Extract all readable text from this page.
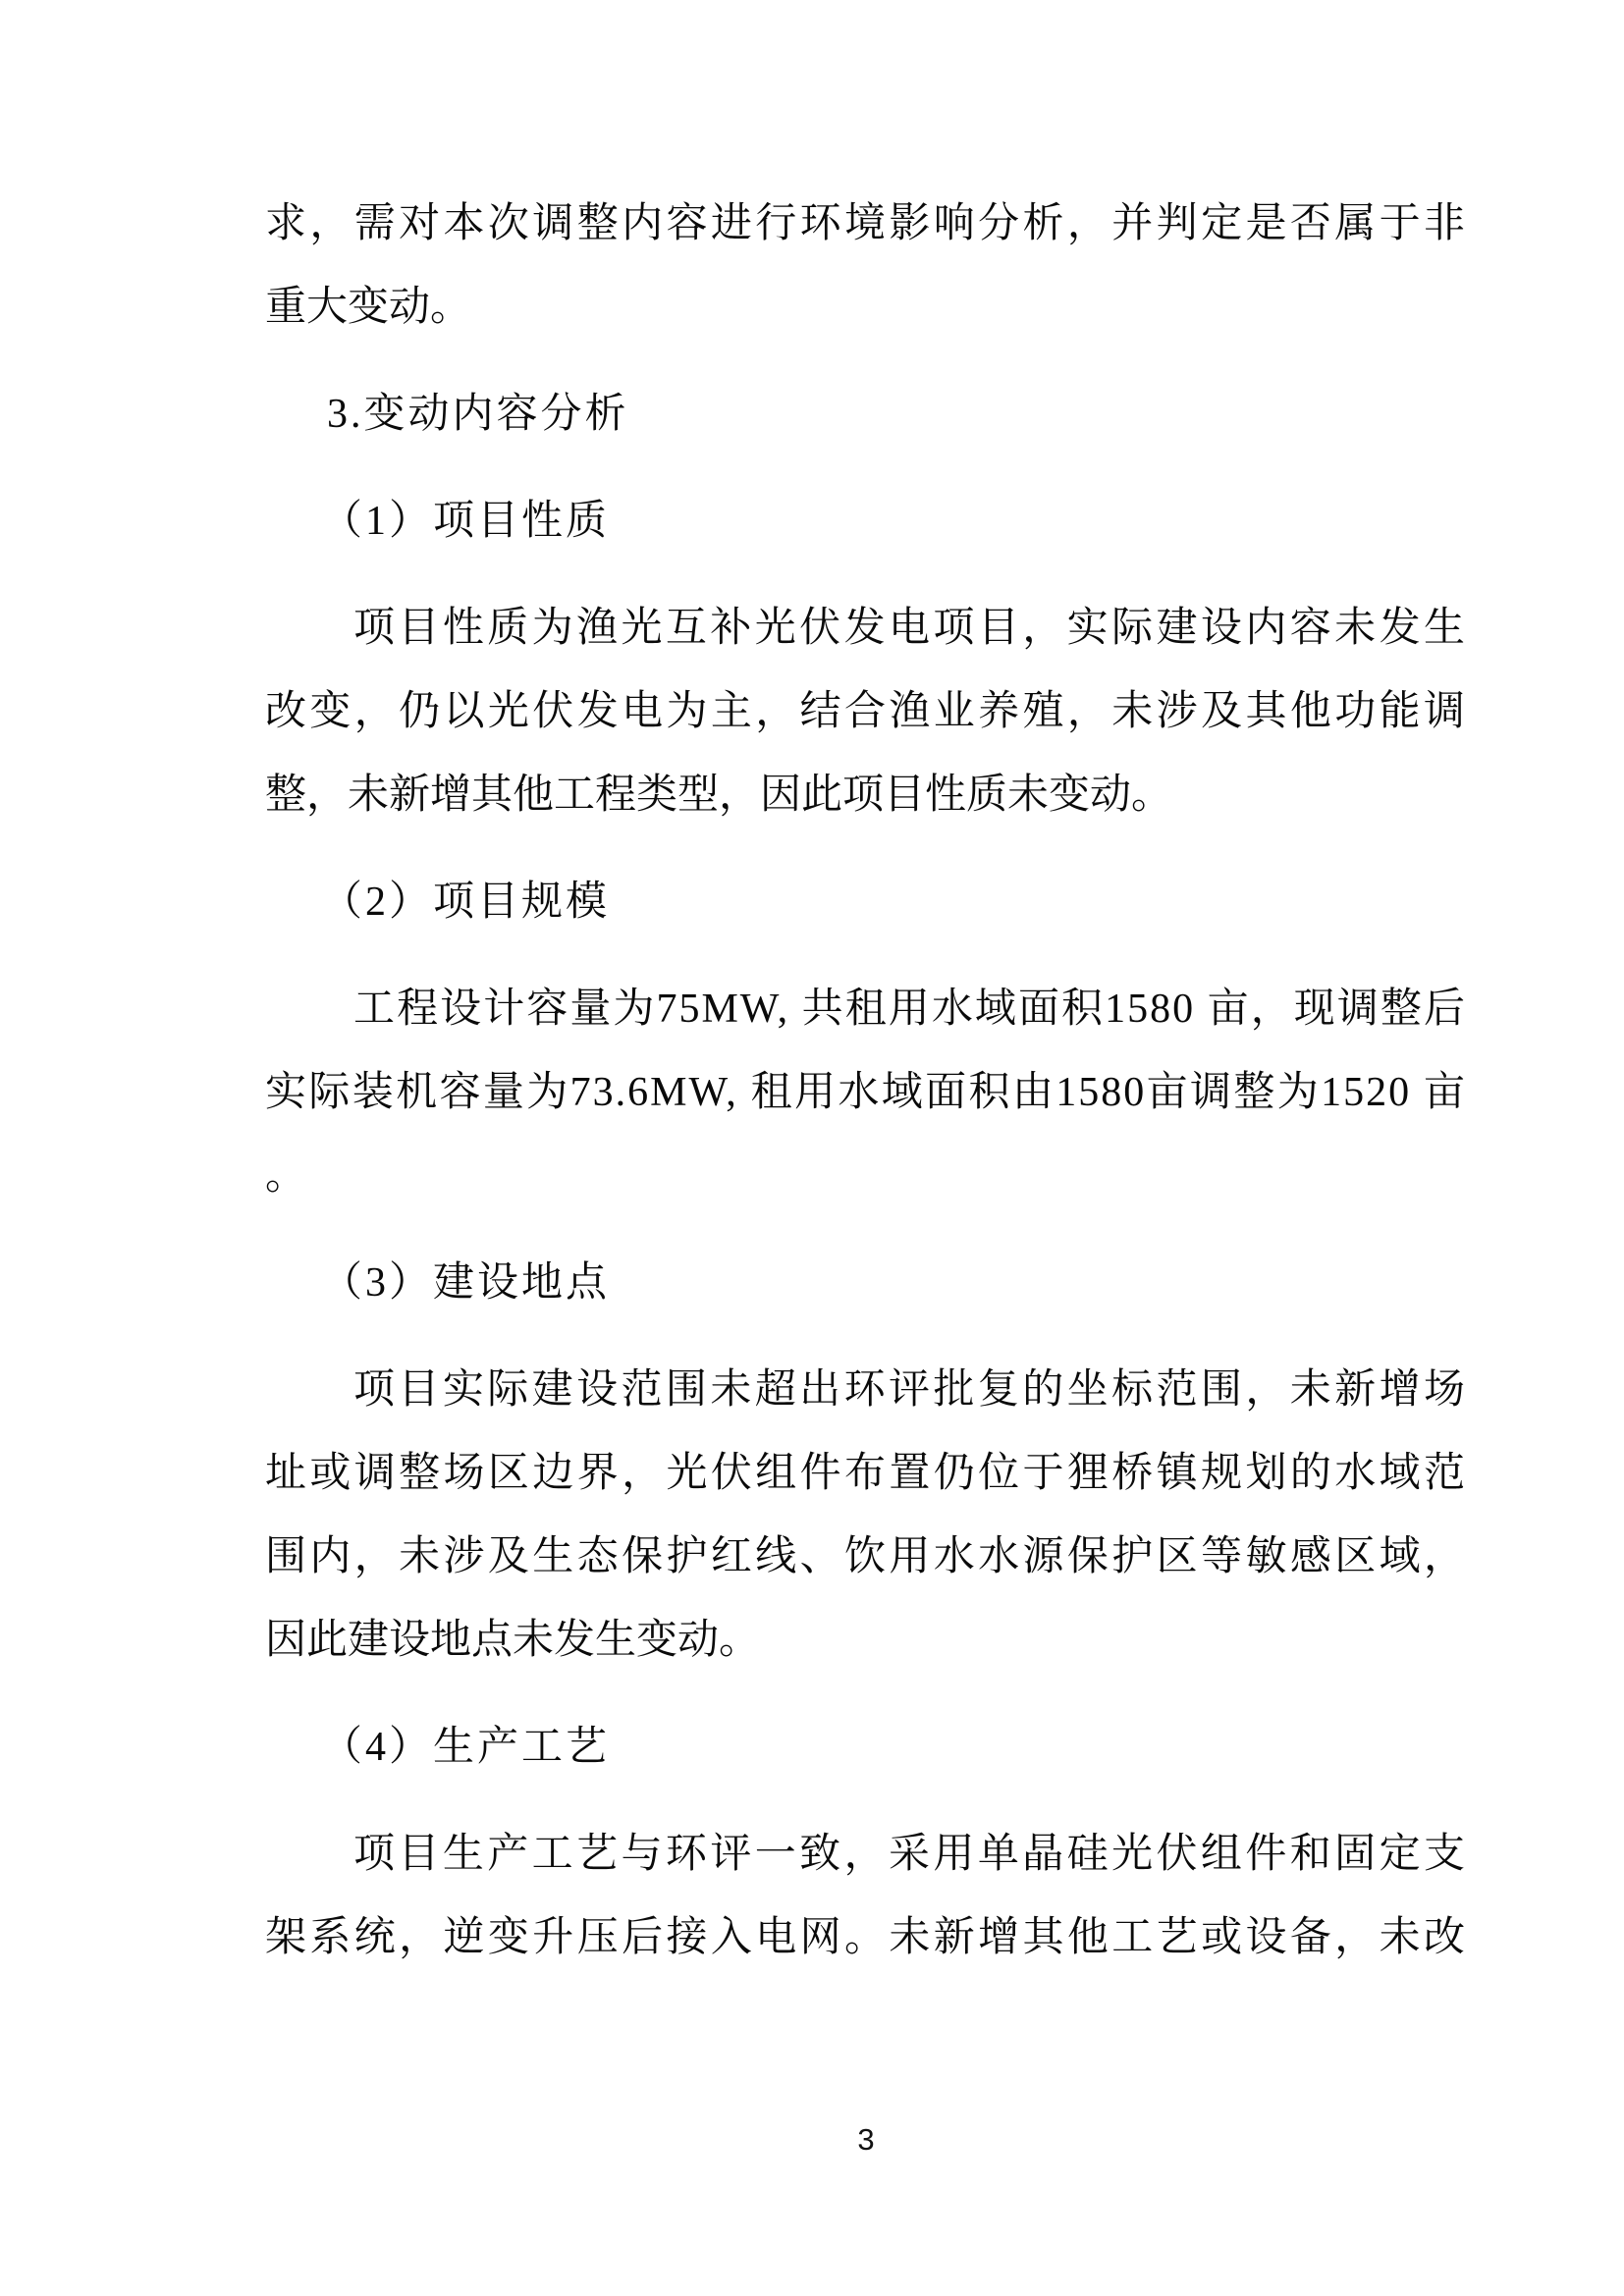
求，需对本次调整内容进行环境影响分析，并判定是否属于非
重大变动。
3.变动内容分析
（1）项目性质
项目性质为渔光互补光伏发电项目，实际建设内容未发生
改变，仍以光伏发电为主，结合渔业养殖，未涉及其他功能调
整，未新增其他工程类型，因此项目性质未变动。
（2）项目规模
工程设计容量为75MW, 共租用水域面积1580 亩，现调整后
实际装机容量为73.6MW, 租用水域面积由1580亩调整为1520 亩
。
（3）建设地点
项目实际建设范围未超出环评批复的坐标范围，未新增场
址或调整场区边界，光伏组件布置仍位于狸桥镇规划的水域范
围内，未涉及生态保护红线、饮用水水源保护区等敏感区域，
因此建设地点未发生变动。
（4）生产工艺
项目生产工艺与环评一致，采用单晶硅光伏组件和固定支
架系统，逆变升压后接入电网。未新增其他工艺或设备，未改
3
